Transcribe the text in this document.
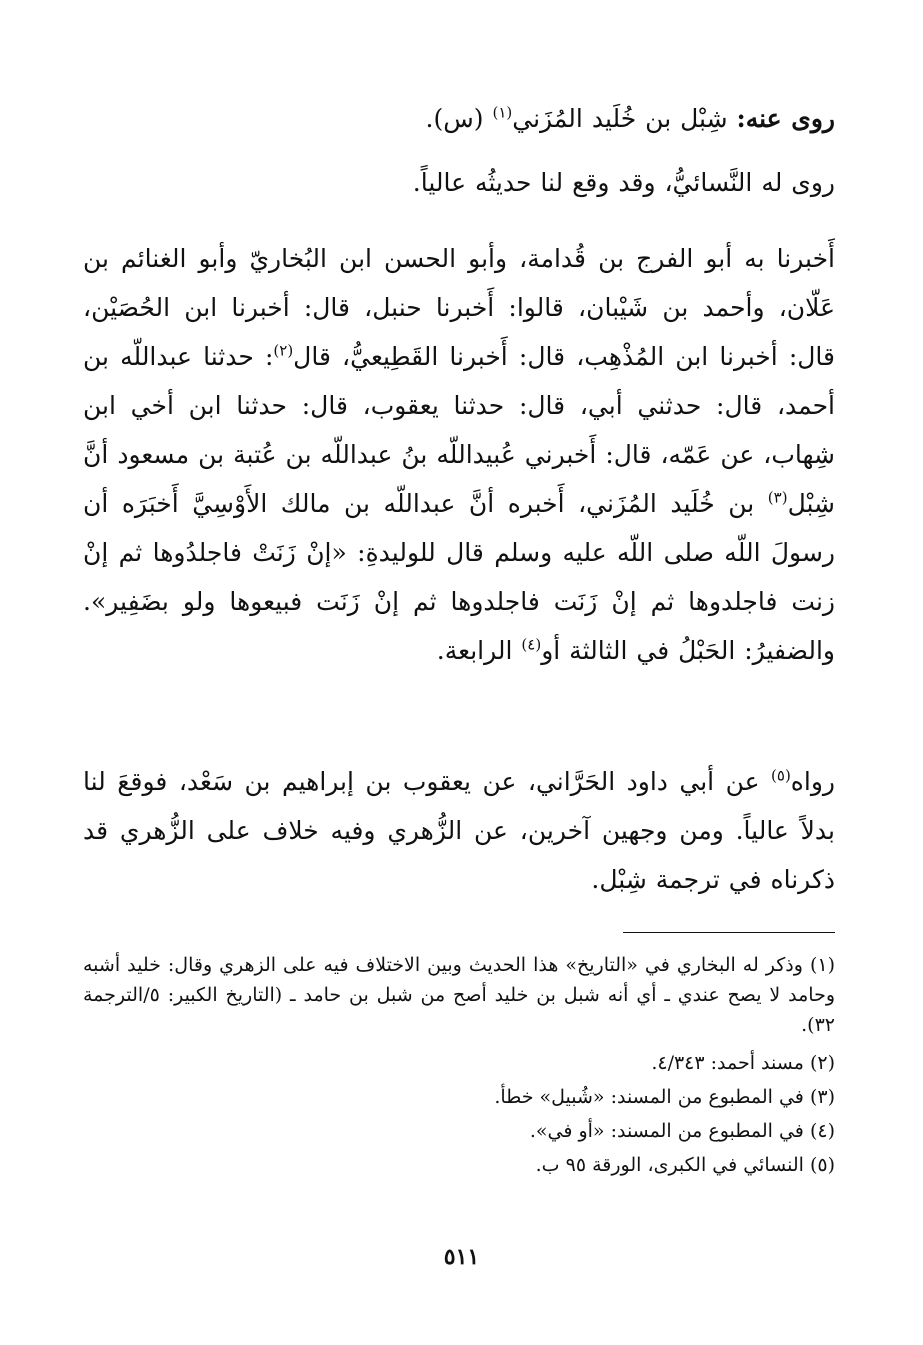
روى عنه: شِبْل بن خُلَيد المُزَني$^{(١)}$ (س).

روى له النَّسائيُّ، وقد وقع لنا حديثُه عالياً.

أَخبرنا به أبو الفرج بن قُدامة، وأبو الحسن ابن البُخاريّ وأبو الغنائم بن عَلّان، وأحمد بن شَيْبان، قالوا: أَخبرنا حنبل، قال: أخبرنا ابن الحُصَيْن، قال: أخبرنا ابن المُذْهِب، قال: أَخبرنا القَطِيعيُّ، قال$^{(٢)}$: حدثنا عبداللّه بن أحمد، قال: حدثني أبي، قال: حدثنا يعقوب، قال: حدثنا ابن أخي ابن شِهاب، عن عَمّه، قال: أَخبرني عُبيداللّه بنُ عبداللّه بن عُتبة بن مسعود أنَّ شِبْل$^{(٣)}$ بن خُلَيد المُزَني، أَخبره أنَّ عبداللّه بن مالك الأَوْسِيَّ أَخبَرَه أن رسولَ اللّه صلى اللّه عليه وسلم قال للوليدةِ: «إنْ زَنَتْ فاجلدُوها ثم إنْ زنت فاجلدوها ثم إنْ زَنَت فاجلدوها ثم إنْ زَنَت فبيعوها ولو بضَفِير». والضفيرُ: الحَبْلُ في الثالثة أو$^{(٤)}$ الرابعة.

رواه$^{(٥)}$ عن أبي داود الحَرَّاني، عن يعقوب بن إبراهيم بن سَعْد، فوقعَ لنا بدلاً عالياً. ومن وجهين آخرين، عن الزُّهري وفيه خلاف على الزُّهري قد ذكرناه في ترجمة شِبْل.

(١) وذكر له البخاري في «التاريخ» هذا الحديث وبين الاختلاف فيه على الزهري وقال: خليد أشبه وحامد لا يصح عندي ـ أي أنه شبل بن خليد أصح من شبل بن حامد ـ (التاريخ الكبير: ٥/الترجمة ٣٢).

(٢) مسند أحمد: ٤/٣٤٣.

(٣) في المطبوع من المسند: «شُبيل» خطأ.

(٤) في المطبوع من المسند: «أو في».

(٥) النسائي في الكبرى، الورقة ٩٥ ب.

٥١١
